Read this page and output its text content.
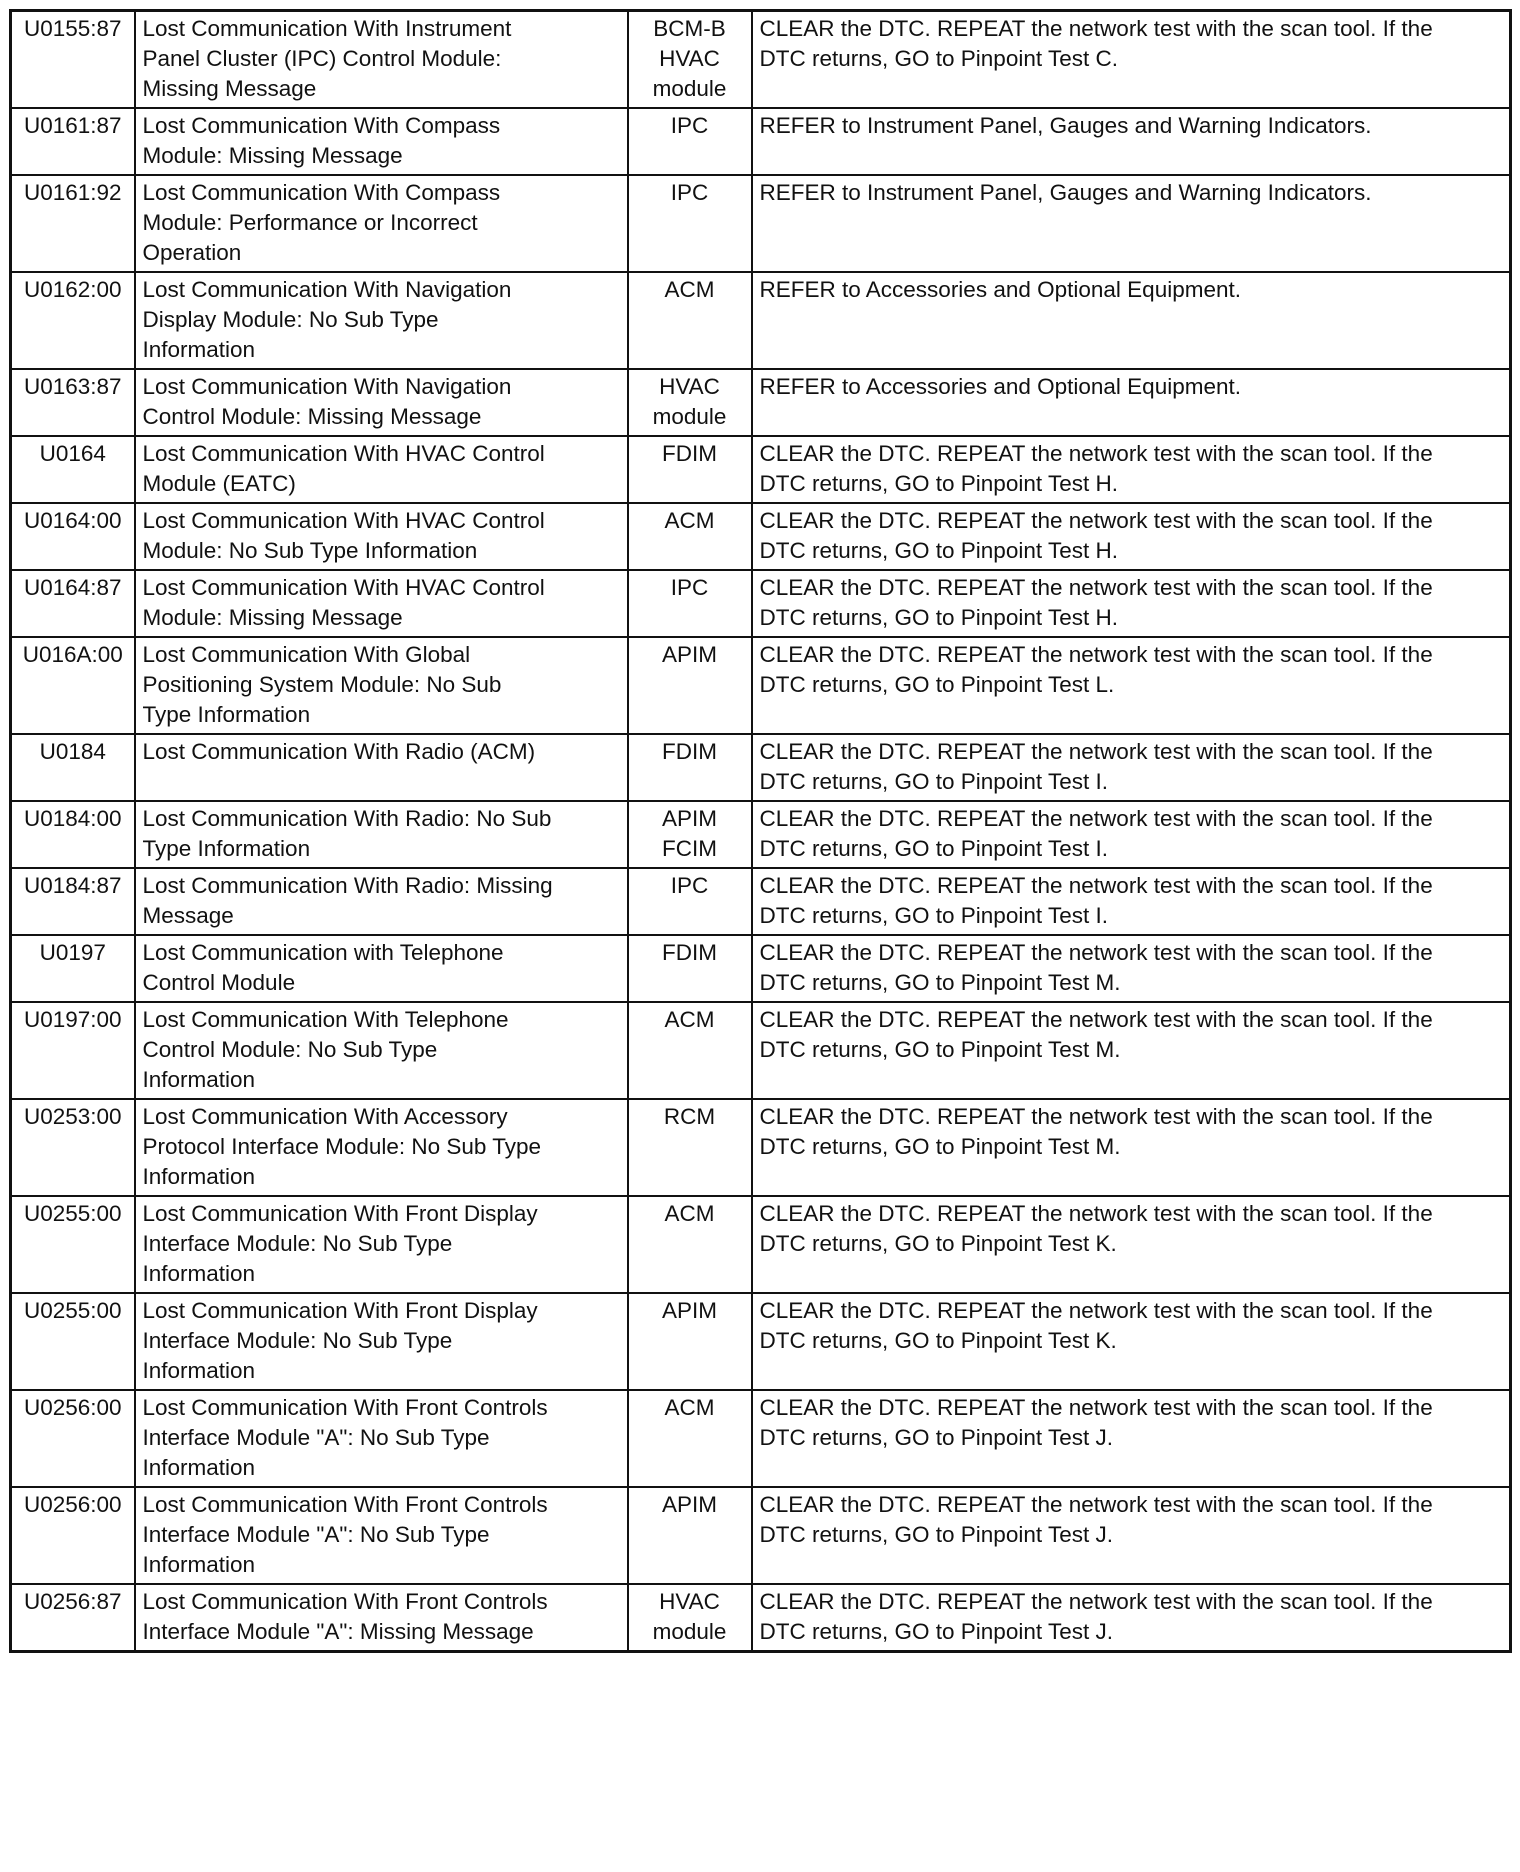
U0155:87	Lost Communication With Instrument
Panel Cluster (IPC) Control Module:
Missing Message	BCM-B
HVAC
module	CLEAR the DTC. REPEAT the network test with the scan tool. If the
DTC returns, GO to Pinpoint Test C.

U0161:87	Lost Communication With Compass
Module: Missing Message	IPC	REFER to Instrument Panel, Gauges and Warning Indicators.

U0161:92	Lost Communication With Compass
Module: Performance or Incorrect
Operation	IPC	REFER to Instrument Panel, Gauges and Warning Indicators.

U0162:00	Lost Communication With Navigation
Display Module: No Sub Type
Information	ACM	REFER to Accessories and Optional Equipment.

U0163:87	Lost Communication With Navigation
Control Module: Missing Message	HVAC
module	REFER to Accessories and Optional Equipment.

U0164	Lost Communication With HVAC Control
Module (EATC)	FDIM	CLEAR the DTC. REPEAT the network test with the scan tool. If the
DTC returns, GO to Pinpoint Test H.

U0164:00	Lost Communication With HVAC Control
Module: No Sub Type Information	ACM	CLEAR the DTC. REPEAT the network test with the scan tool. If the
DTC returns, GO to Pinpoint Test H.

U0164:87	Lost Communication With HVAC Control
Module: Missing Message	IPC	CLEAR the DTC. REPEAT the network test with the scan tool. If the
DTC returns, GO to Pinpoint Test H.

U016A:00	Lost Communication With Global
Positioning System Module: No Sub
Type Information	APIM	CLEAR the DTC. REPEAT the network test with the scan tool. If the
DTC returns, GO to Pinpoint Test L.

U0184	Lost Communication With Radio (ACM)	FDIM	CLEAR the DTC. REPEAT the network test with the scan tool. If the
DTC returns, GO to Pinpoint Test I.

U0184:00	Lost Communication With Radio: No Sub
Type Information	APIM
FCIM	CLEAR the DTC. REPEAT the network test with the scan tool. If the
DTC returns, GO to Pinpoint Test I.

U0184:87	Lost Communication With Radio: Missing
Message	IPC	CLEAR the DTC. REPEAT the network test with the scan tool. If the
DTC returns, GO to Pinpoint Test I.

U0197	Lost Communication with Telephone
Control Module	FDIM	CLEAR the DTC. REPEAT the network test with the scan tool. If the
DTC returns, GO to Pinpoint Test M.

U0197:00	Lost Communication With Telephone
Control Module: No Sub Type
Information	ACM	CLEAR the DTC. REPEAT the network test with the scan tool. If the
DTC returns, GO to Pinpoint Test M.

U0253:00	Lost Communication With Accessory
Protocol Interface Module: No Sub Type
Information	RCM	CLEAR the DTC. REPEAT the network test with the scan tool. If the
DTC returns, GO to Pinpoint Test M.

U0255:00	Lost Communication With Front Display
Interface Module: No Sub Type
Information	ACM	CLEAR the DTC. REPEAT the network test with the scan tool. If the
DTC returns, GO to Pinpoint Test K.

U0255:00	Lost Communication With Front Display
Interface Module: No Sub Type
Information	APIM	CLEAR the DTC. REPEAT the network test with the scan tool. If the
DTC returns, GO to Pinpoint Test K.

U0256:00	Lost Communication With Front Controls
Interface Module "A": No Sub Type
Information	ACM	CLEAR the DTC. REPEAT the network test with the scan tool. If the
DTC returns, GO to Pinpoint Test J.

U0256:00	Lost Communication With Front Controls
Interface Module "A": No Sub Type
Information	APIM	CLEAR the DTC. REPEAT the network test with the scan tool. If the
DTC returns, GO to Pinpoint Test J.

U0256:87	Lost Communication With Front Controls
Interface Module "A": Missing Message	HVAC
module	CLEAR the DTC. REPEAT the network test with the scan tool. If the
DTC returns, GO to Pinpoint Test J.
